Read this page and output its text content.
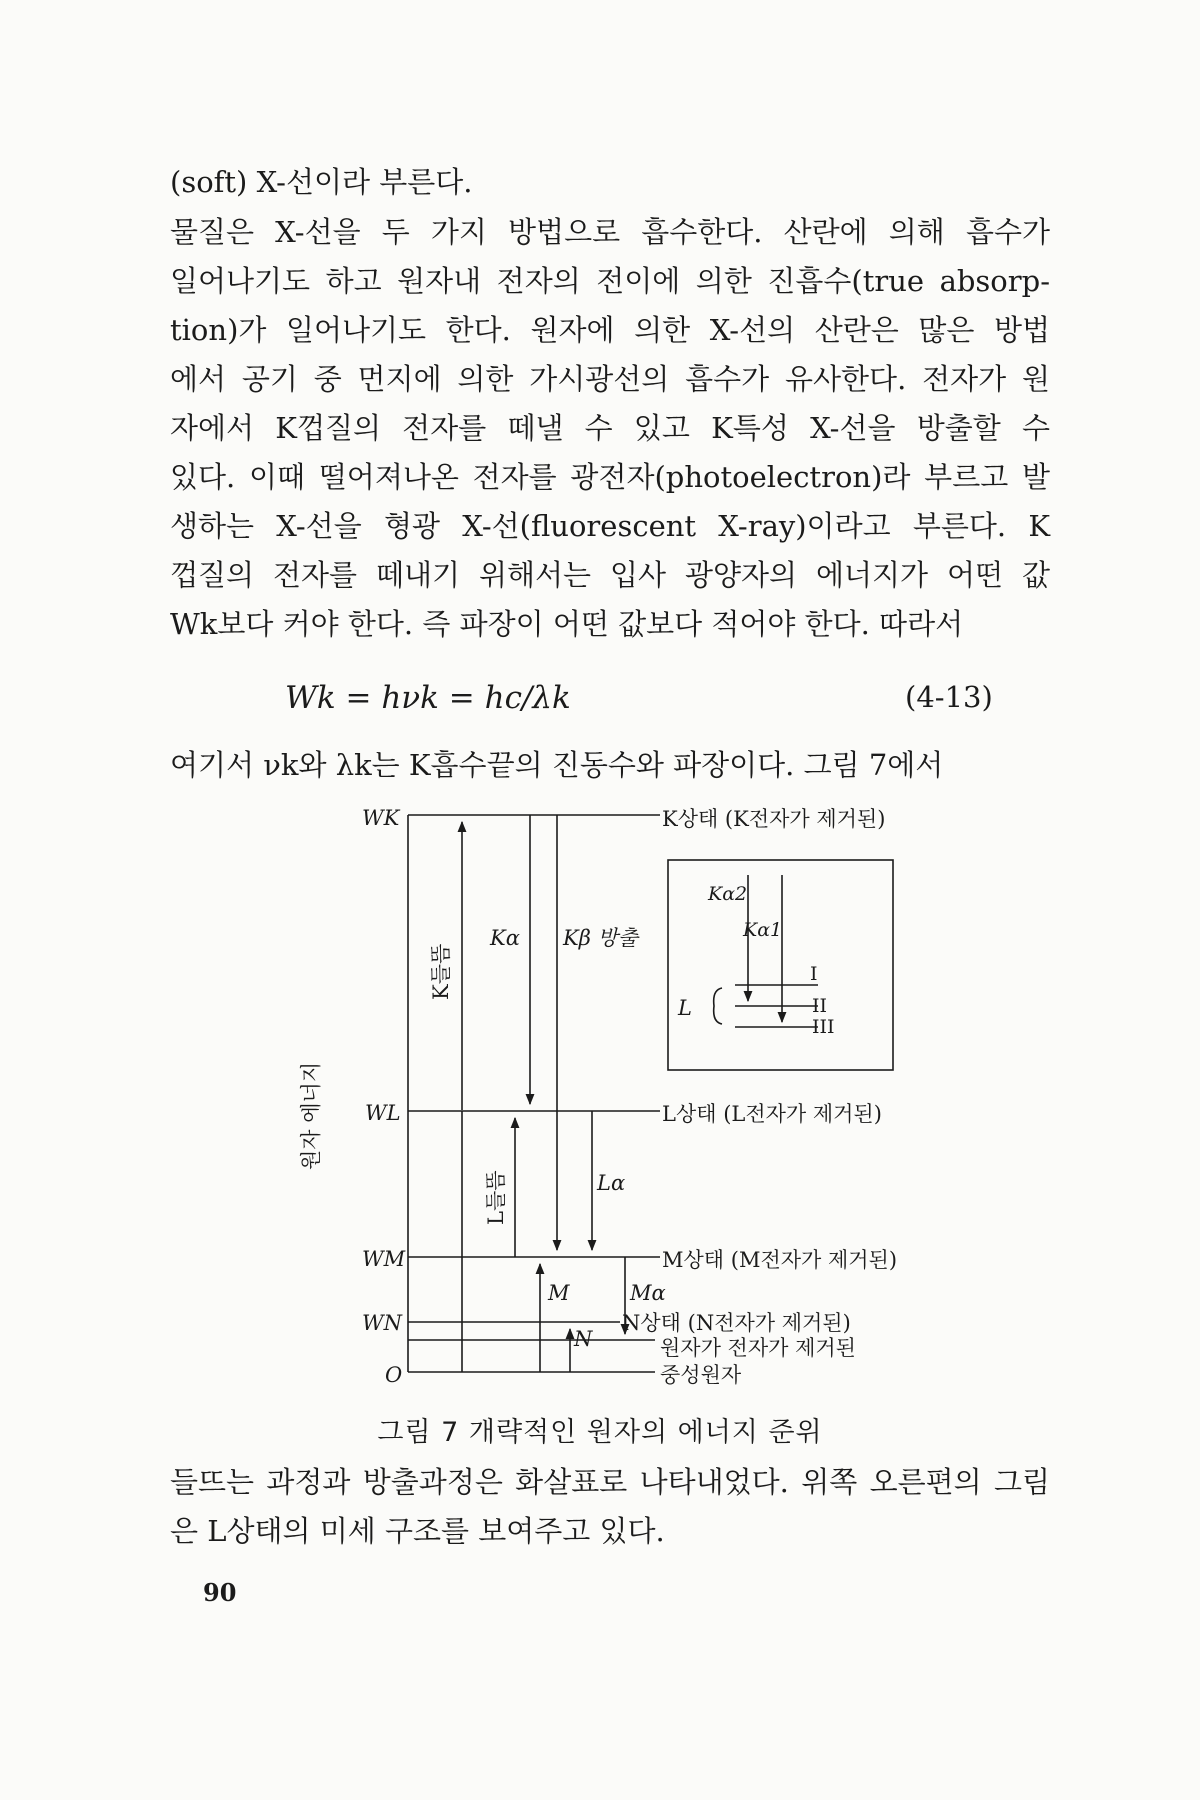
(soft) X-선이라 부른다.
물질은 X-선을 두 가지 방법으로 흡수한다. 산란에 의해 흡수가
일어나기도 하고 원자내 전자의 전이에 의한 진흡수(true absorp-
tion)가 일어나기도 한다. 원자에 의한 X-선의 산란은 많은 방법
에서 공기 중 먼지에 의한 가시광선의 흡수가 유사한다. 전자가 원
자에서 K껍질의 전자를 떼낼 수 있고 K특성 X-선을 방출할 수
있다. 이때 떨어져나온 전자를 광전자(photoelectron)라 부르고 발
생하는 X-선을 형광 X-선(fluorescent X-ray)이라고 부른다. K
껍질의 전자를 떼내기 위해서는 입사 광양자의 에너지가 어떤 값
Wk보다 커야 한다. 즉 파장이 어떤 값보다 적어야 한다. 따라서
Wk = hνk = hc/λk	(4-13)
여기서 νk와 λk는 K흡수끝의 진동수와 파장이다. 그림 7에서
WK
WL
WM
WN
O
K상태 (K전자가 제거된)
L상태 (L전자가 제거된)
M상태 (M전자가 제거된)
N상태 (N전자가 제거된)
원자가 전자가 제거된
중성원자
Kα Kβ 방출
Lα
M	Mα
N
K들뜸
L들뜸
원자 에너지
Kα2
Kα1
L
I
II
III
그림 7 개략적인 원자의 에너지 준위
들뜨는 과정과 방출과정은 화살표로 나타내었다. 위쪽 오른편의 그림
은 L상태의 미세 구조를 보여주고 있다.
90
